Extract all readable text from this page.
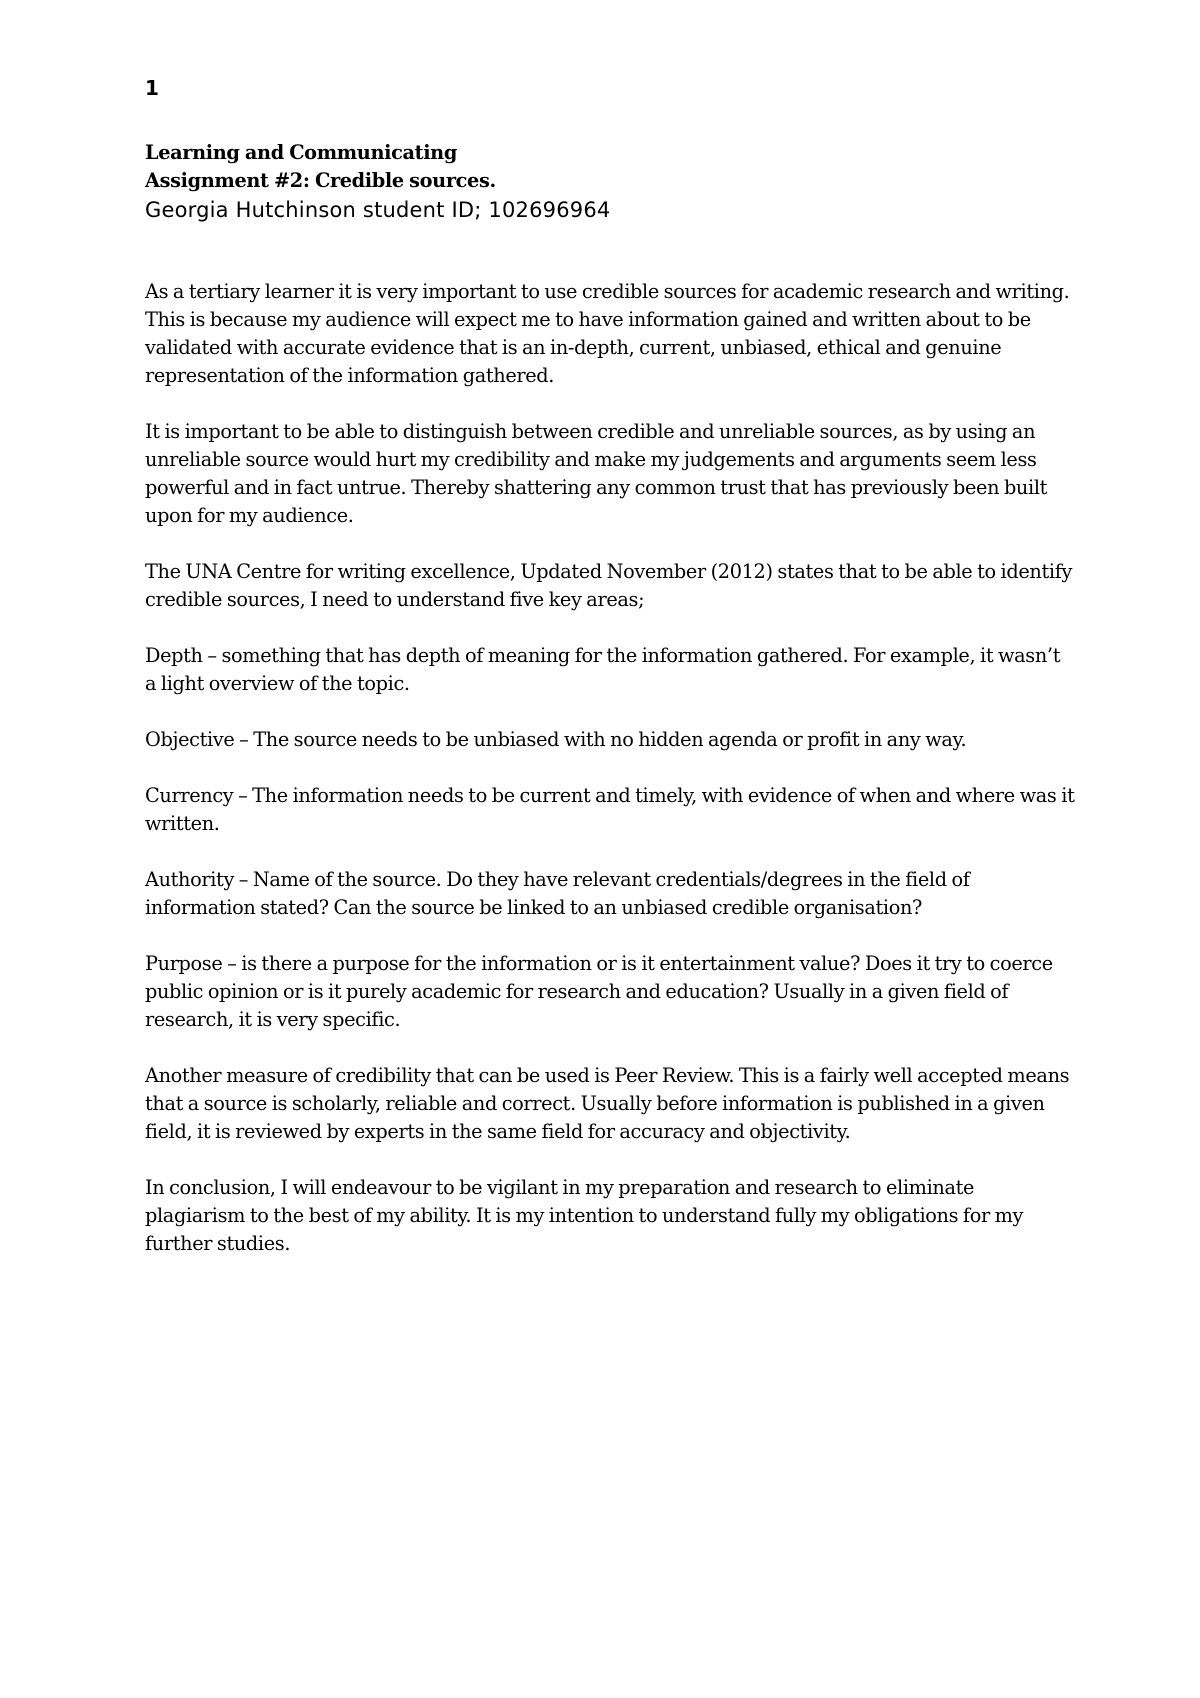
1
Learning and Communicating
Assignment #2: Credible sources.
Georgia Hutchinson student ID; 102696964

As a tertiary learner it is very important to use credible sources for academic research and writing. This is because my audience will expect me to have information gained and written about to be validated with accurate evidence that is an in-depth, current, unbiased, ethical and genuine representation of the information gathered.

It is important to be able to distinguish between credible and unreliable sources, as by using an unreliable source would hurt my credibility and make my judgements and arguments seem less powerful and in fact untrue. Thereby shattering any common trust that has previously been built upon for my audience.

The UNA Centre for writing excellence, Updated November (2012) states that to be able to identify credible sources, I need to understand five key areas;

Depth – something that has depth of meaning for the information gathered. For example, it wasn’t a light overview of the topic.

Objective – The source needs to be unbiased with no hidden agenda or profit in any way.

Currency – The information needs to be current and timely, with evidence of when and where was it written.

Authority – Name of the source. Do they have relevant credentials/degrees in the field of information stated? Can the source be linked to an unbiased credible organisation?

Purpose – is there a purpose for the information or is it entertainment value? Does it try to coerce public opinion or is it purely academic for research and education? Usually in a given field of research, it is very specific.

Another measure of credibility that can be used is Peer Review. This is a fairly well accepted means that a source is scholarly, reliable and correct. Usually before information is published in a given field, it is reviewed by experts in the same field for accuracy and objectivity.

In conclusion, I will endeavour to be vigilant in my preparation and research to eliminate plagiarism to the best of my ability. It is my intention to understand fully my obligations for my further studies.
